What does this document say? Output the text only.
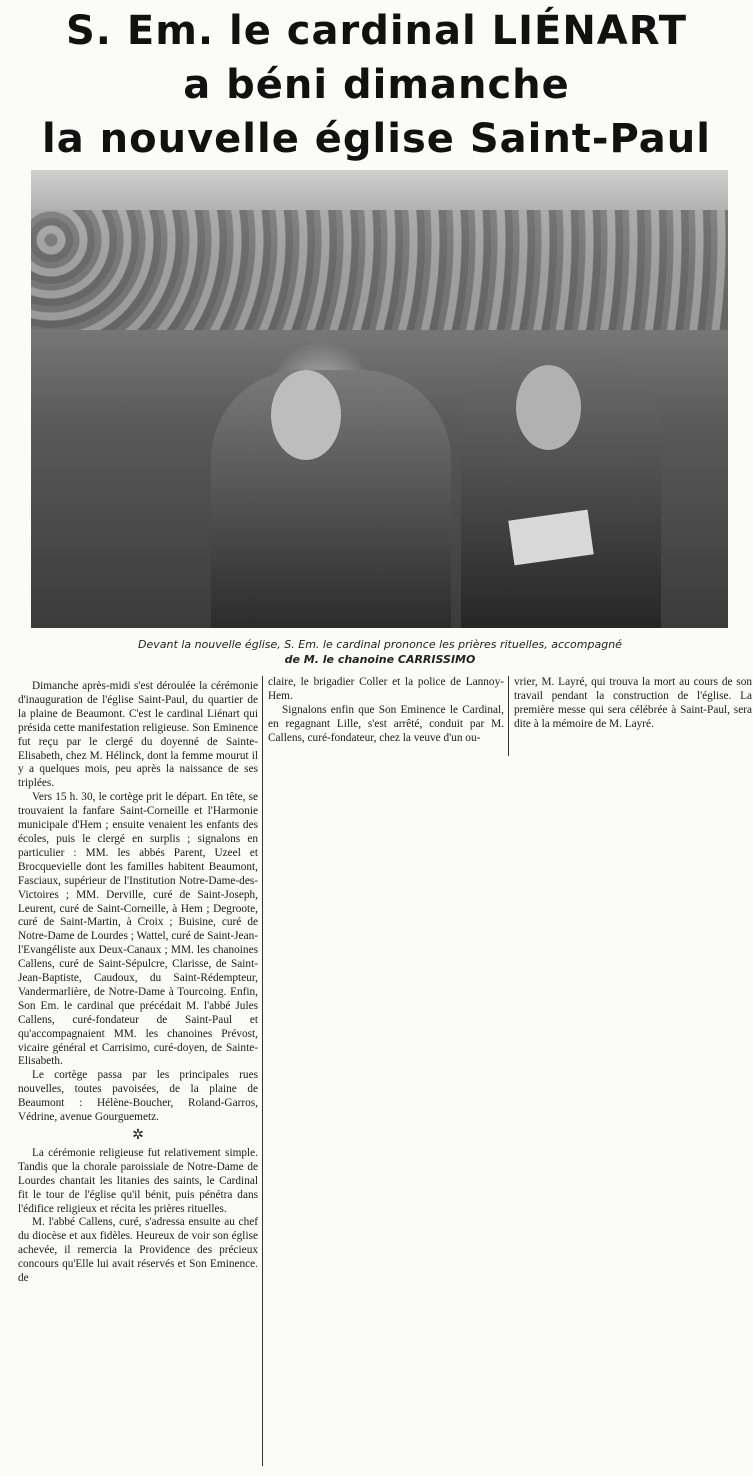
S. Em. le cardinal LIÉNART
a béni dimanche
la nouvelle église Saint-Paul
Devant la nouvelle église, S. Em. le cardinal prononce les prières rituelles, accompagné
de M. le chanoine CARRISSIMO

Dimanche après-midi s'est déroulée la cérémonie d'inauguration de l'église Saint-Paul, du quartier de la plaine de Beaumont. C'est le cardinal Liénart qui présida cette manifestation religieuse. Son Eminence fut reçu par le clergé du doyenné de Sainte-Elisabeth, chez M. Hélinck, dont la femme mourut il y a quelques mois, peu après la naissance de ses triplées.

Vers 15 h. 30, le cortège prit le départ. En tête, se trouvaient la fanfare Saint-Corneille et l'Harmonie municipale d'Hem ; ensuite venaient les enfants des écoles, puis le clergé en surplis ; signalons en particulier : MM. les abbés Parent, Uzeel et Brocquevielle dont les familles habitent Beaumont, Fasciaux, supérieur de l'Institution Notre-Dame-des-Victoires ; MM. Derville, curé de Saint-Joseph, Leurent, curé de Saint-Corneille, à Hem ; Degroote, curé de Saint-Martin, à Croix ; Buisine, curé de Notre-Dame de Lourdes ; Wattel, curé de Saint-Jean-l'Evangéliste aux Deux-Canaux ; MM. les chanoines Callens, curé de Saint-Sépulcre, Clarisse, de Saint-Jean-Baptiste, Caudoux, du Saint-Rédempteur, Vandermarlière, de Notre-Dame à Tourcoing. Enfin, Son Em. le cardinal que précédait M. l'abbé Jules Callens, curé-fondateur de Saint-Paul et qu'accompagnaient MM. les chanoines Prévost, vicaire général et Carrisimo, curé-doyen, de Sainte-Elisabeth.

Le cortège passa par les principales rues nouvelles, toutes pavoisées, de la plaine de Beaumont : Hélène-Boucher, Roland-Garros, Védrine, avenue Gourguemetz.

✲

La cérémonie religieuse fut relativement simple. Tandis que la chorale paroissiale de Notre-Dame de Lourdes chantait les litanies des saints, le Cardinal fit le tour de l'église qu'il bénit, puis pénétra dans l'édifice religieux et récita les prières rituelles.

M. l'abbé Callens, curé, s'adressa ensuite au chef du diocèse et aux fidèles. Heureux de voir son église achevée, il remercia la Providence des précieux concours qu'Elle lui avait réservés et Son Eminence. de

claire, le brigadier Coller et la police de Lannoy-Hem.

Signalons enfin que Son Eminence le Cardinal, en regagnant Lille, s'est arrêté, conduit par M. Callens, curé-fondateur, chez la veuve d'un ou-

vrier, M. Layré, qui trouva la mort au cours de son travail pendant la construction de l'église. La première messe qui sera célébrée à Saint-Paul, sera dite à la mémoire de M. Layré.
